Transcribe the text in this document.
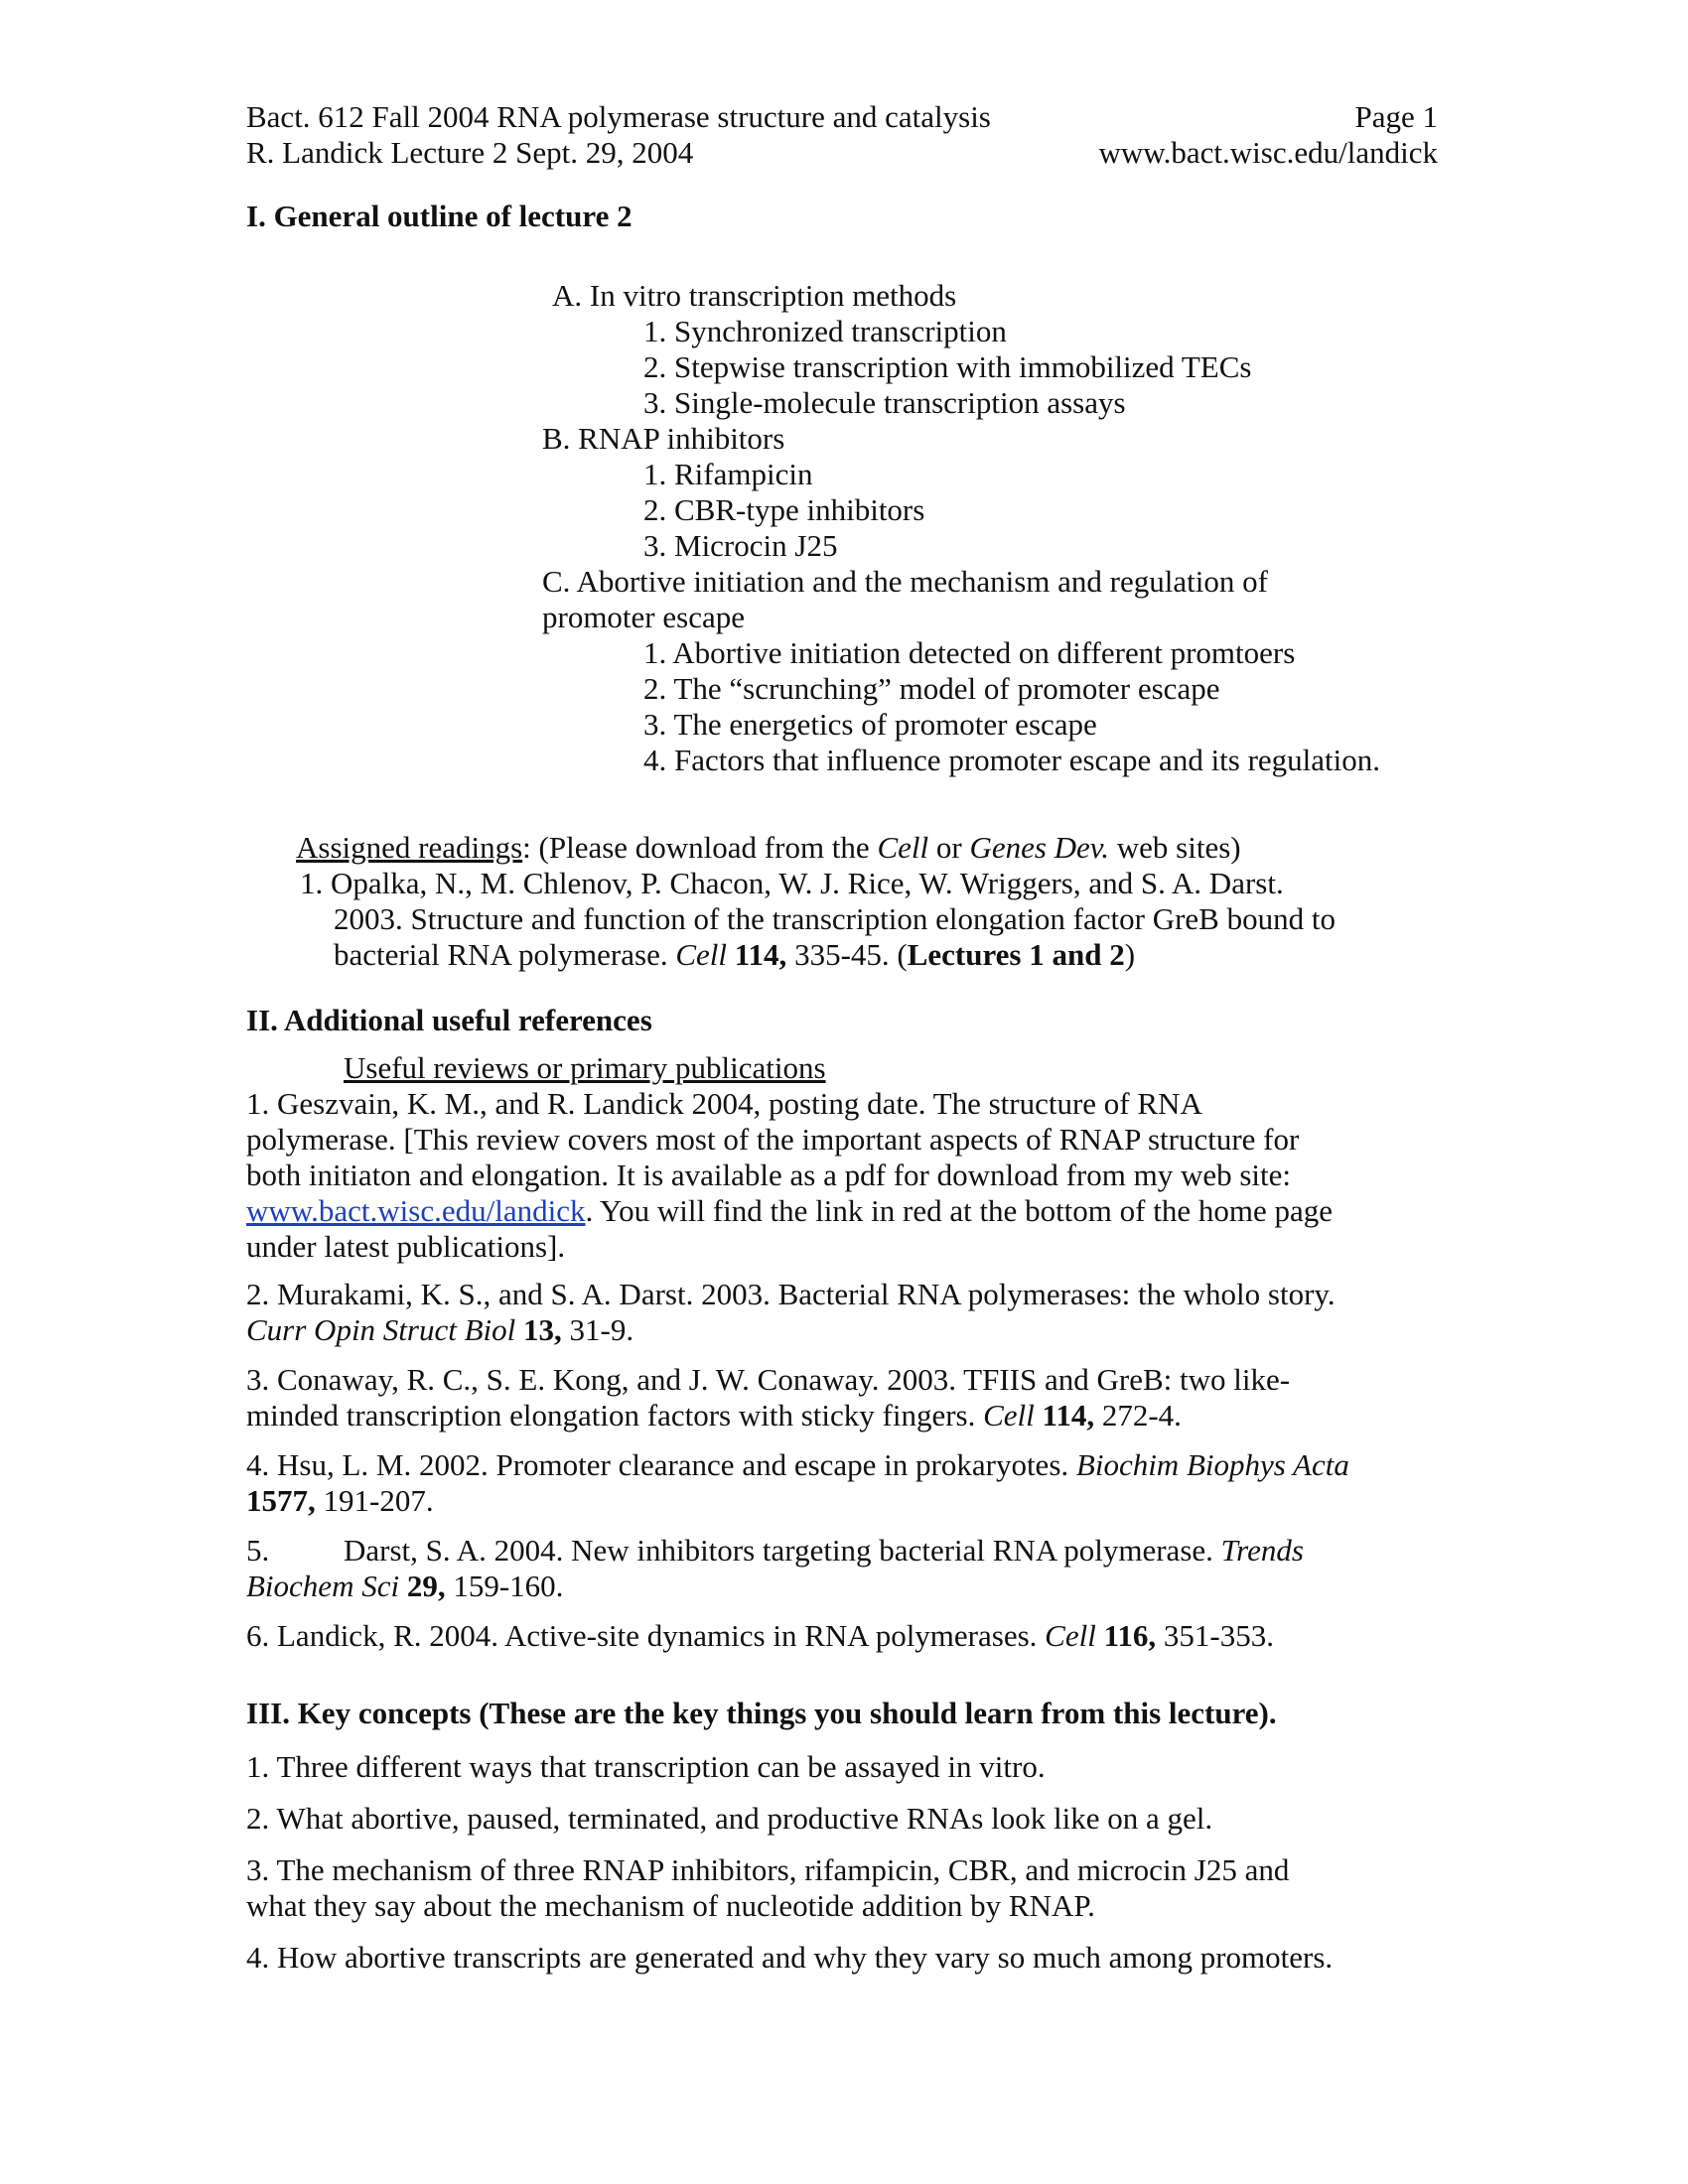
Bact. 612 Fall 2004 RNA polymerase structure and catalysis	Page 1
R. Landick Lecture 2 Sept. 29, 2004	www.bact.wisc.edu/landick
I. General outline of lecture 2
A. In vitro transcription methods
1. Synchronized transcription
2. Stepwise transcription with immobilized TECs
3. Single-molecule transcription assays
B. RNAP inhibitors
1. Rifampicin
2. CBR-type inhibitors
3. Microcin J25
C. Abortive initiation and the mechanism and regulation of
promoter escape
1. Abortive initiation detected on different promtoers
2. The “scrunching” model of promoter escape
3. The energetics of promoter escape
4. Factors that influence promoter escape and its regulation.
Assigned readings: (Please download from the Cell or Genes Dev. web sites)
1. Opalka, N., M. Chlenov, P. Chacon, W. J. Rice, W. Wriggers, and S. A. Darst.
2003. Structure and function of the transcription elongation factor GreB bound to
bacterial RNA polymerase. Cell 114, 335-45. (Lectures 1 and 2)
II. Additional useful references
Useful reviews or primary publications
1. Geszvain, K. M., and R. Landick 2004, posting date. The structure of RNA
polymerase. [This review covers most of the important aspects of RNAP structure for
both initiaton and elongation. It is available as a pdf for download from my web site:
www.bact.wisc.edu/landick. You will find the link in red at the bottom of the home page
under latest publications].
2. Murakami, K. S., and S. A. Darst. 2003. Bacterial RNA polymerases: the wholo story.
Curr Opin Struct Biol 13, 31-9.
3. Conaway, R. C., S. E. Kong, and J. W. Conaway. 2003. TFIIS and GreB: two like-
minded transcription elongation factors with sticky fingers. Cell 114, 272-4.
4. Hsu, L. M. 2002. Promoter clearance and escape in prokaryotes. Biochim Biophys Acta
1577, 191-207.
5. Darst, S. A. 2004. New inhibitors targeting bacterial RNA polymerase. Trends
Biochem Sci 29, 159-160.
6. Landick, R. 2004. Active-site dynamics in RNA polymerases. Cell 116, 351-353.
III. Key concepts (These are the key things you should learn from this lecture).
1. Three different ways that transcription can be assayed in vitro.
2. What abortive, paused, terminated, and productive RNAs look like on a gel.
3. The mechanism of three RNAP inhibitors, rifampicin, CBR, and microcin J25 and
what they say about the mechanism of nucleotide addition by RNAP.
4. How abortive transcripts are generated and why they vary so much among promoters.
